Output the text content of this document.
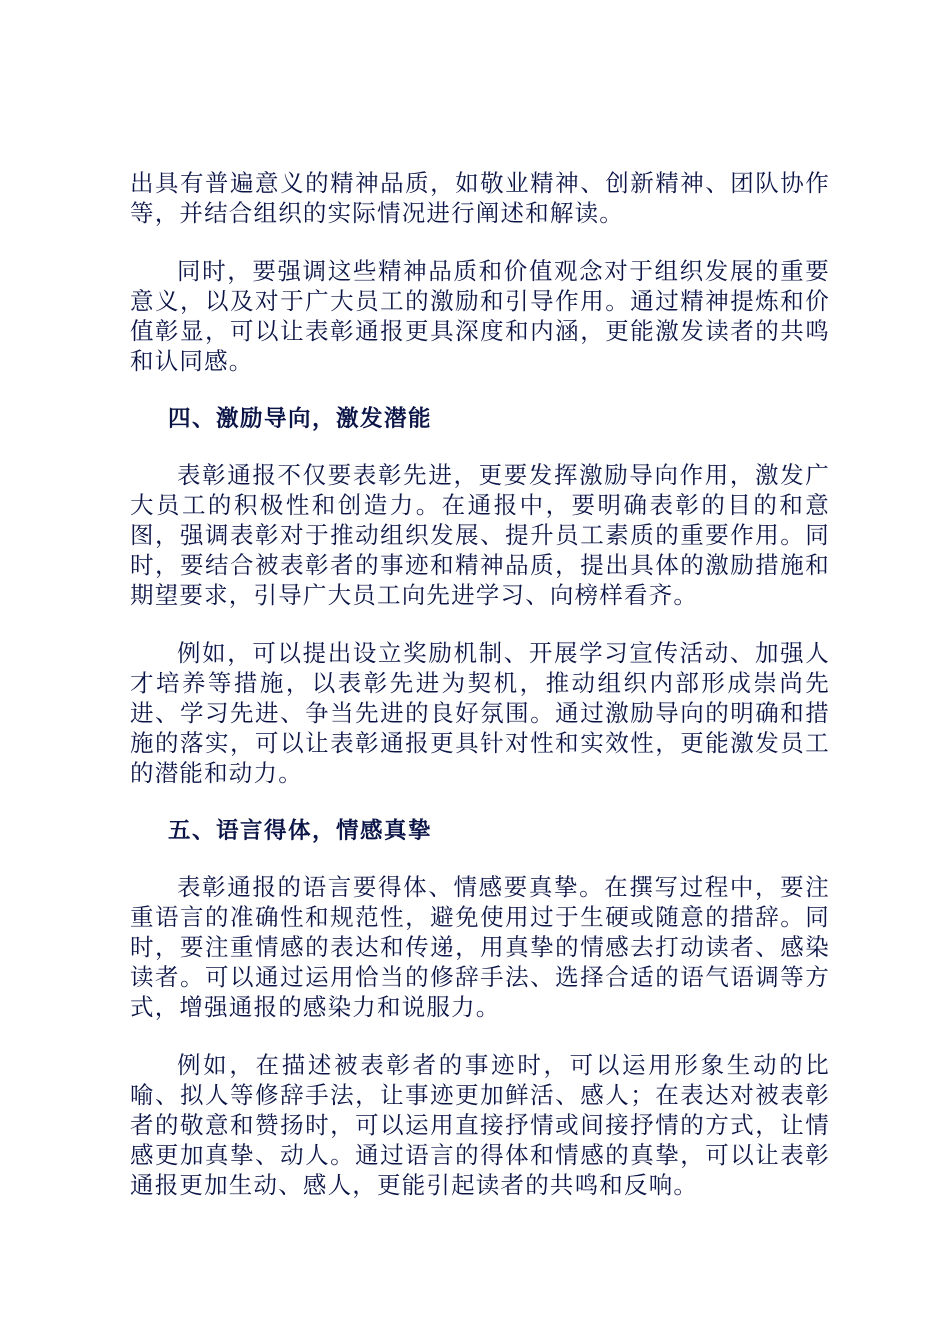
出具有普遍意义的精神品质，如敬业精神、创新精神、团队协作等，并结合组织的实际情况进行阐述和解读。

同时，要强调这些精神品质和价值观念对于组织发展的重要意义，以及对于广大员工的激励和引导作用。通过精神提炼和价值彰显，可以让表彰通报更具深度和内涵，更能激发读者的共鸣和认同感。

四、激励导向，激发潜能

表彰通报不仅要表彰先进，更要发挥激励导向作用，激发广大员工的积极性和创造力。在通报中，要明确表彰的目的和意图，强调表彰对于推动组织发展、提升员工素质的重要作用。同时，要结合被表彰者的事迹和精神品质，提出具体的激励措施和期望要求，引导广大员工向先进学习、向榜样看齐。

例如，可以提出设立奖励机制、开展学习宣传活动、加强人才培养等措施，以表彰先进为契机，推动组织内部形成崇尚先进、学习先进、争当先进的良好氛围。通过激励导向的明确和措施的落实，可以让表彰通报更具针对性和实效性，更能激发员工的潜能和动力。

五、语言得体，情感真挚

表彰通报的语言要得体、情感要真挚。在撰写过程中，要注重语言的准确性和规范性，避免使用过于生硬或随意的措辞。同时，要注重情感的表达和传递，用真挚的情感去打动读者、感染读者。可以通过运用恰当的修辞手法、选择合适的语气语调等方式，增强通报的感染力和说服力。

例如，在描述被表彰者的事迹时，可以运用形象生动的比喻、拟人等修辞手法，让事迹更加鲜活、感人；在表达对被表彰者的敬意和赞扬时，可以运用直接抒情或间接抒情的方式，让情感更加真挚、动人。通过语言的得体和情感的真挚，可以让表彰通报更加生动、感人，更能引起读者的共鸣和反响。
